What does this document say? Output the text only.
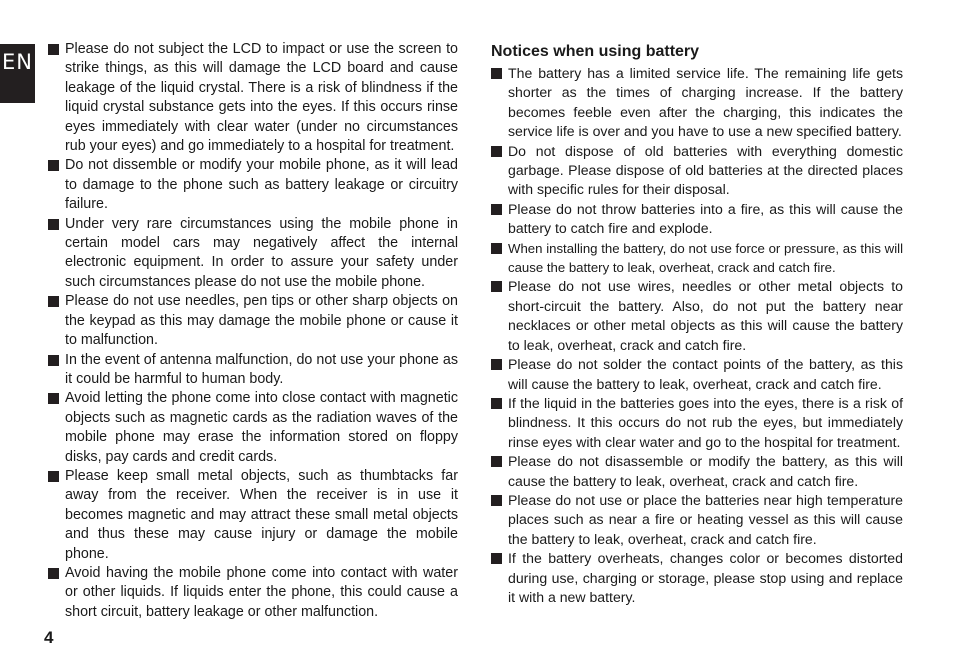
EN
Please do not subject the LCD to impact or use the screen to strike things, as this will damage the LCD board and cause leakage of the liquid crystal. There is a risk of blindness if the liquid crystal substance gets into the eyes. If this occurs rinse eyes immediately with clear water (under no circumstances rub your eyes) and go immediately to a hospital for treatment.
Do not dissemble or modify your mobile phone, as it will lead to damage to the phone such as battery leakage or circuitry failure.
Under very rare circumstances using the mobile phone in certain model cars may negatively affect the internal electronic equipment. In order to assure your safety under such circumstances please do not use the mobile phone.
Please do not use needles, pen tips or other sharp objects on the keypad as this may damage the mobile phone or cause it to malfunction.
In the event of antenna malfunction, do not use your phone as it could be harmful to human body.
Avoid letting the phone come into close contact with magnetic objects such as magnetic cards as the radiation waves of the mobile phone may erase the information stored on floppy disks, pay cards and credit cards.
Please keep small metal objects, such as thumbtacks far away from the receiver. When the receiver is in use it becomes magnetic and may attract these small metal objects and thus these may cause injury or damage the mobile phone.
Avoid having the mobile phone come into contact with water or other liquids. If liquids enter the phone, this could cause a short circuit, battery leakage or other malfunction.
Notices when using battery
The battery has a limited service life. The remaining life gets shorter as the times of charging increase. If the battery becomes feeble even after the charging, this indicates the service life is over and you have to use a new specified battery.
Do not dispose of old batteries with everything domestic garbage. Please dispose of old batteries at the directed places with specific rules for their disposal.
Please do not throw batteries into a fire, as this will cause the battery to catch fire and explode.
When installing the battery, do not use force or pressure, as this will cause the battery to leak, overheat, crack and catch fire.
Please do not use wires, needles or other metal objects to short-circuit the battery. Also, do not put the battery near necklaces or other metal objects as this will cause the battery to leak, overheat, crack and catch fire.
Please do not solder the contact points of the battery, as this will cause the battery to leak, overheat, crack and catch fire.
If the liquid in the batteries goes into the eyes, there is a risk of blindness. It this occurs do not rub the eyes, but immediately rinse eyes with clear water and go to the hospital for treatment.
Please do not disassemble or modify the battery, as this will cause the battery to leak, overheat, crack and catch fire.
Please do not use or place the batteries near high temperature places such as near a fire or heating vessel as this will cause the battery to leak, overheat, crack and catch fire.
If the battery overheats, changes color or becomes distorted during use, charging or storage, please stop using and replace it with a new battery.
4
